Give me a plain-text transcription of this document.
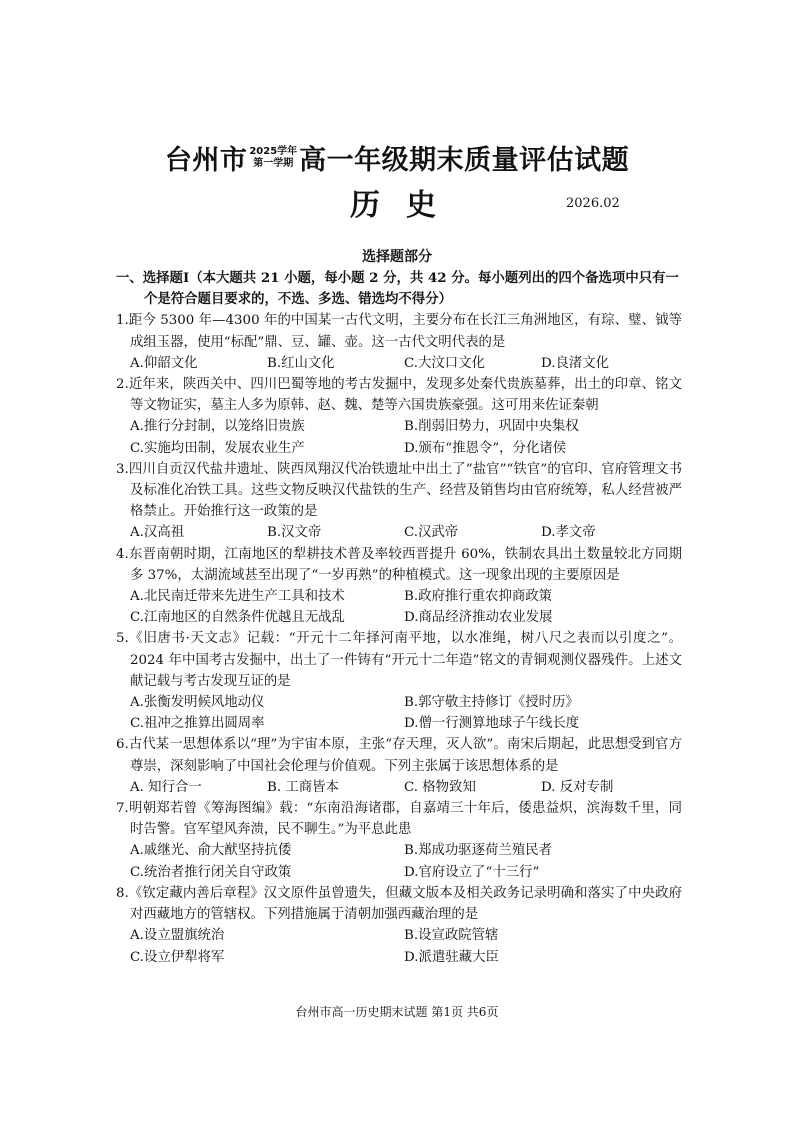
台州市 2025学年
第一学期 高一年级期末质量评估试题
历史	2026.02
选择题部分
一、选择题Ⅰ（本大题共 21 小题，每小题 2 分，共 42 分。每小题列出的四个备选项中只有一个是符合题目要求的，不选、多选、错选均不得分）
1.距今 5300 年—4300 年的中国某一古代文明，主要分布在长江三角洲地区，有琮、璧、钺等成组玉器，使用“标配”鼎、豆、罐、壶。这一古代文明代表的是
A.仰韶文化	B.红山文化	C.大汶口文化	D.良渚文化
2.近年来，陕西关中、四川巴蜀等地的考古发掘中，发现多处秦代贵族墓葬，出土的印章、铭文等文物证实，墓主人多为原韩、赵、魏、楚等六国贵族豪强。这可用来佐证秦朝
A.推行分封制，以笼络旧贵族	B.削弱旧势力，巩固中央集权
C.实施均田制，发展农业生产	D.颁布“推恩令”，分化诸侯
3.四川自贡汉代盐井遗址、陕西凤翔汉代冶铁遗址中出土了“盐官”“铁官”的官印、官府管理文书及标准化冶铁工具。这些文物反映汉代盐铁的生产、经营及销售均由官府统筹，私人经营被严格禁止。开始推行这一政策的是
A.汉高祖	B.汉文帝	C.汉武帝	D.孝文帝
4.东晋南朝时期，江南地区的犁耕技术普及率较西晋提升 60%，铁制农具出土数量较北方同期多 37%，太湖流域甚至出现了“一岁再熟”的种植模式。这一现象出现的主要原因是
A.北民南迁带来先进生产工具和技术	B.政府推行重农抑商政策
C.江南地区的自然条件优越且无战乱	D.商品经济推动农业发展
5.《旧唐书·天文志》记载：“开元十二年择河南平地，以水准绳，树八尺之表而以引度之”。2024 年中国考古发掘中，出土了一件铸有“开元十二年造”铭文的青铜观测仪器残件。上述文献记载与考古发现互证的是
A.张衡发明候风地动仪	B.郭守敬主持修订《授时历》
C.祖冲之推算出圆周率	D.僧一行测算地球子午线长度
6.古代某一思想体系以“理”为宇宙本原，主张“存天理，灭人欲”。南宋后期起，此思想受到官方尊崇，深刻影响了中国社会伦理与价值观。下列主张属于该思想体系的是
A. 知行合一	B. 工商皆本	C. 格物致知	D. 反对专制
7.明朝郑若曾《筹海图编》载：“东南沿海诸郡，自嘉靖三十年后，倭患益炽，滨海数千里，同时告警。官军望风奔溃，民不聊生。”为平息此患
A.戚继光、俞大猷坚持抗倭	B.郑成功驱逐荷兰殖民者
C.统治者推行闭关自守政策	D.官府设立了“十三行”
8.《钦定藏内善后章程》汉文原件虽曾遗失，但藏文版本及相关政务记录明确和落实了中央政府对西藏地方的管辖权。下列措施属于清朝加强西藏治理的是
A.设立盟旗统治	B.设宣政院管辖
C.设立伊犁将军	D.派遣驻藏大臣
台州市高一历史期末试题 第1页 共6页
